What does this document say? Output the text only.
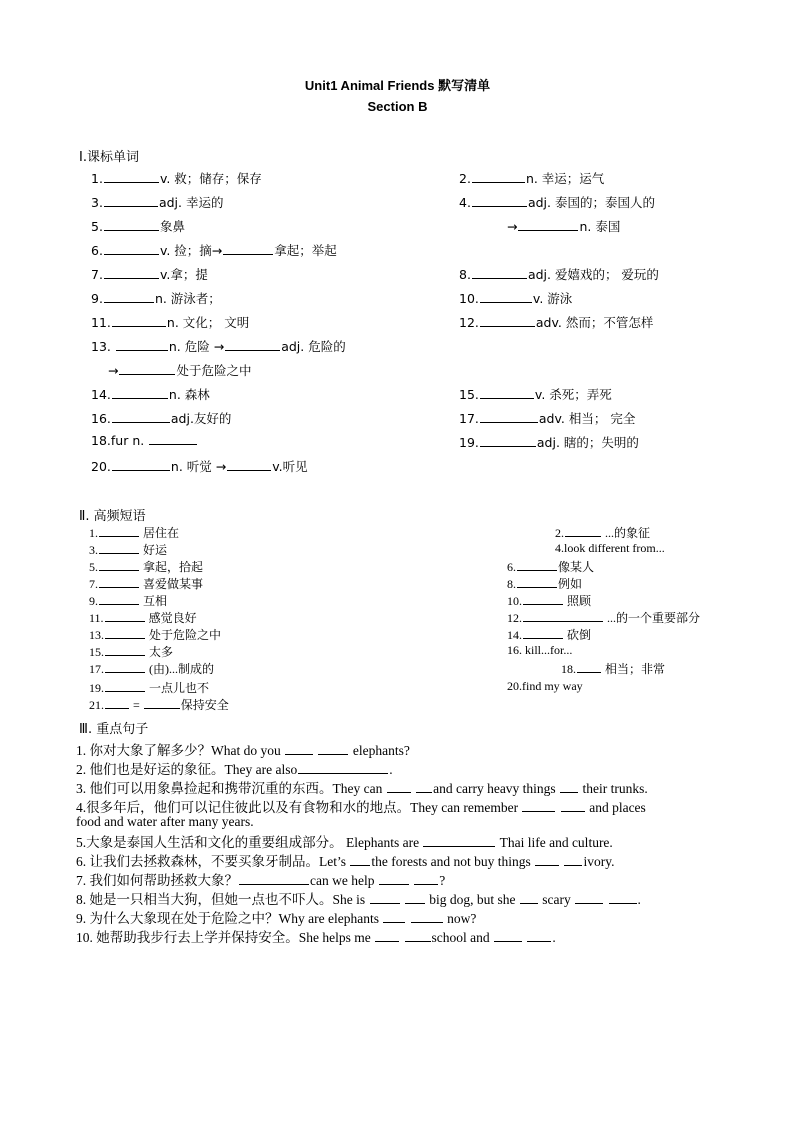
Unit1 Animal Friends 默写清单
Section B
Ⅰ.课标单词
1.	v. 救；储存；保存	2.	n. 幸运；运气
3.	adj. 幸运的	4.	adj. 泰国的；泰国人的
5.	象鼻	→	n. 泰国
6.	v. 捡；摘→	拿起；举起
7.	v.拿；提	8.	adj. 爱嬉戏的； 爱玩的
9.	n. 游泳者；	10.	v. 游泳
11.	n. 文化； 文明	12.	adv. 然而；不管怎样
13.	n. 危险 →	adj. 危险的
→	处于危险之中
14.	n. 森林	15.	v. 杀死；弄死
16.	adj.友好的	17.	adv. 相当； 完全
18.fur n.	19.	adj. 瞎的；失明的
20.	n. 听觉 →	v.听见
Ⅱ. 高频短语
1.	居住在	2.	...的象征
3.	好运	4.look different from...
5.	拿起，拾起	6.	像某人
7.	喜爱做某事	8.	例如
9.	互相	10.	照顾
11.	感觉良好	12.	...的一个重要部分
13.	处于危险之中	14.	砍倒
15.	太多	16. kill...for...
17.	(由)...制成的	18. 相当；非常
19.	一点儿也不	20.find my way
21. =	保持安全
Ⅲ. 重点句子
1. 你对大象了解多少？What do you	elephants?
2. 他们也是好运的象征。They are also	.
3. 他们可以用象鼻捡起和携带沉重的东西。They can	and carry heavy things  their trunks.
4.很多年后，他们可以记住彼此以及有食物和水的地点。They can remember	and places
food and water after many years.
5.大象是泰国人生活和文化的重要组成部分。 Elephants are	Thai life and culture.
6. 让我们去拯救森林，不要买象牙制品。Let’s the forests and not buy things	ivory.
7. 我们如何帮助拯救大象？	can we help	?
8. 她是一只相当大狗，但她一点也不吓人。She is	big dog, but she  scary	.
9. 为什么大象现在处于危险之中？Why are elephants	now?
10. 她帮助我步行去上学并保持安全。She helps me	school and	.
